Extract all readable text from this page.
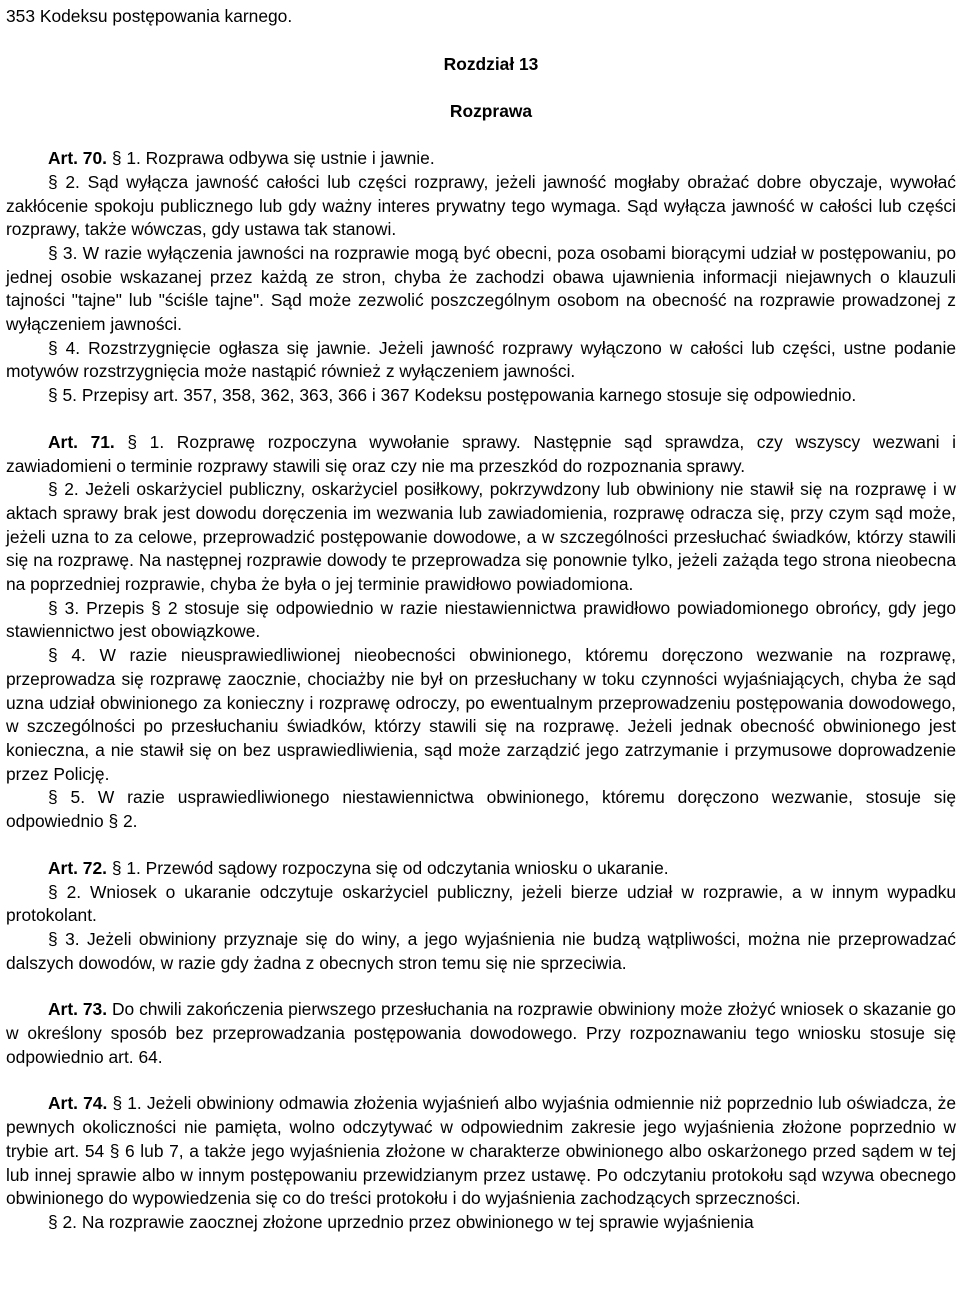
353 Kodeksu postępowania karnego.
Rozdział 13
Rozprawa

Art. 70. § 1. Rozprawa odbywa się ustnie i jawnie.

§ 2. Sąd wyłącza jawność całości lub części rozprawy, jeżeli jawność mogłaby obrażać dobre obyczaje, wywołać zakłócenie spokoju publicznego lub gdy ważny interes prywatny tego wymaga. Sąd wyłącza jawność w całości lub części rozprawy, także wówczas, gdy ustawa tak stanowi.

§ 3. W razie wyłączenia jawności na rozprawie mogą być obecni, poza osobami biorącymi udział w postępowaniu, po jednej osobie wskazanej przez każdą ze stron, chyba że zachodzi obawa ujawnienia informacji niejawnych o klauzuli tajności "tajne" lub "ściśle tajne". Sąd może zezwolić poszczególnym osobom na obecność na rozprawie prowadzonej z wyłączeniem jawności.

§ 4. Rozstrzygnięcie ogłasza się jawnie. Jeżeli jawność rozprawy wyłączono w całości lub części, ustne podanie motywów rozstrzygnięcia może nastąpić również z wyłączeniem jawności.

§ 5. Przepisy art. 357, 358, 362, 363, 366 i 367 Kodeksu postępowania karnego stosuje się odpowiednio.

Art. 71. § 1. Rozprawę rozpoczyna wywołanie sprawy. Następnie sąd sprawdza, czy wszyscy wezwani i zawiadomieni o terminie rozprawy stawili się oraz czy nie ma przeszkód do rozpoznania sprawy.

§ 2. Jeżeli oskarżyciel publiczny, oskarżyciel posiłkowy, pokrzywdzony lub obwiniony nie stawił się na rozprawę i w aktach sprawy brak jest dowodu doręczenia im wezwania lub zawiadomienia, rozprawę odracza się, przy czym sąd może, jeżeli uzna to za celowe, przeprowadzić postępowanie dowodowe, a w szczególności przesłuchać świadków, którzy stawili się na rozprawę. Na następnej rozprawie dowody te przeprowadza się ponownie tylko, jeżeli zażąda tego strona nieobecna na poprzedniej rozprawie, chyba że była o jej terminie prawidłowo powiadomiona.

§ 3. Przepis § 2 stosuje się odpowiednio w razie niestawiennictwa prawidłowo powiadomionego obrońcy, gdy jego stawiennictwo jest obowiązkowe.

§ 4. W razie nieusprawiedliwionej nieobecności obwinionego, któremu doręczono wezwanie na rozprawę, przeprowadza się rozprawę zaocznie, chociażby nie był on przesłuchany w toku czynności wyjaśniających, chyba że sąd uzna udział obwinionego za konieczny i rozprawę odroczy, po ewentualnym przeprowadzeniu postępowania dowodowego, w szczególności po przesłuchaniu świadków, którzy stawili się na rozprawę. Jeżeli jednak obecność obwinionego jest konieczna, a nie stawił się on bez usprawiedliwienia, sąd może zarządzić jego zatrzymanie i przymusowe doprowadzenie przez Policję.

§ 5. W razie usprawiedliwionego niestawiennictwa obwinionego, któremu doręczono wezwanie, stosuje się odpowiednio § 2.

Art. 72. § 1. Przewód sądowy rozpoczyna się od odczytania wniosku o ukaranie.

§ 2. Wniosek o ukaranie odczytuje oskarżyciel publiczny, jeżeli bierze udział w rozprawie, a w innym wypadku protokolant.

§ 3. Jeżeli obwiniony przyznaje się do winy, a jego wyjaśnienia nie budzą wątpliwości, można nie przeprowadzać dalszych dowodów, w razie gdy żadna z obecnych stron temu się nie sprzeciwia.

Art. 73. Do chwili zakończenia pierwszego przesłuchania na rozprawie obwiniony może złożyć wniosek o skazanie go w określony sposób bez przeprowadzania postępowania dowodowego. Przy rozpoznawaniu tego wniosku stosuje się odpowiednio art. 64.

Art. 74. § 1. Jeżeli obwiniony odmawia złożenia wyjaśnień albo wyjaśnia odmiennie niż poprzednio lub oświadcza, że pewnych okoliczności nie pamięta, wolno odczytywać w odpowiednim zakresie jego wyjaśnienia złożone poprzednio w trybie art. 54 § 6 lub 7, a także jego wyjaśnienia złożone w charakterze obwinionego albo oskarżonego przed sądem w tej lub innej sprawie albo w innym postępowaniu przewidzianym przez ustawę. Po odczytaniu protokołu sąd wzywa obecnego obwinionego do wypowiedzenia się co do treści protokołu i do wyjaśnienia zachodzących sprzeczności.

§ 2. Na rozprawie zaocznej złożone uprzednio przez obwinionego w tej sprawie wyjaśnienia
